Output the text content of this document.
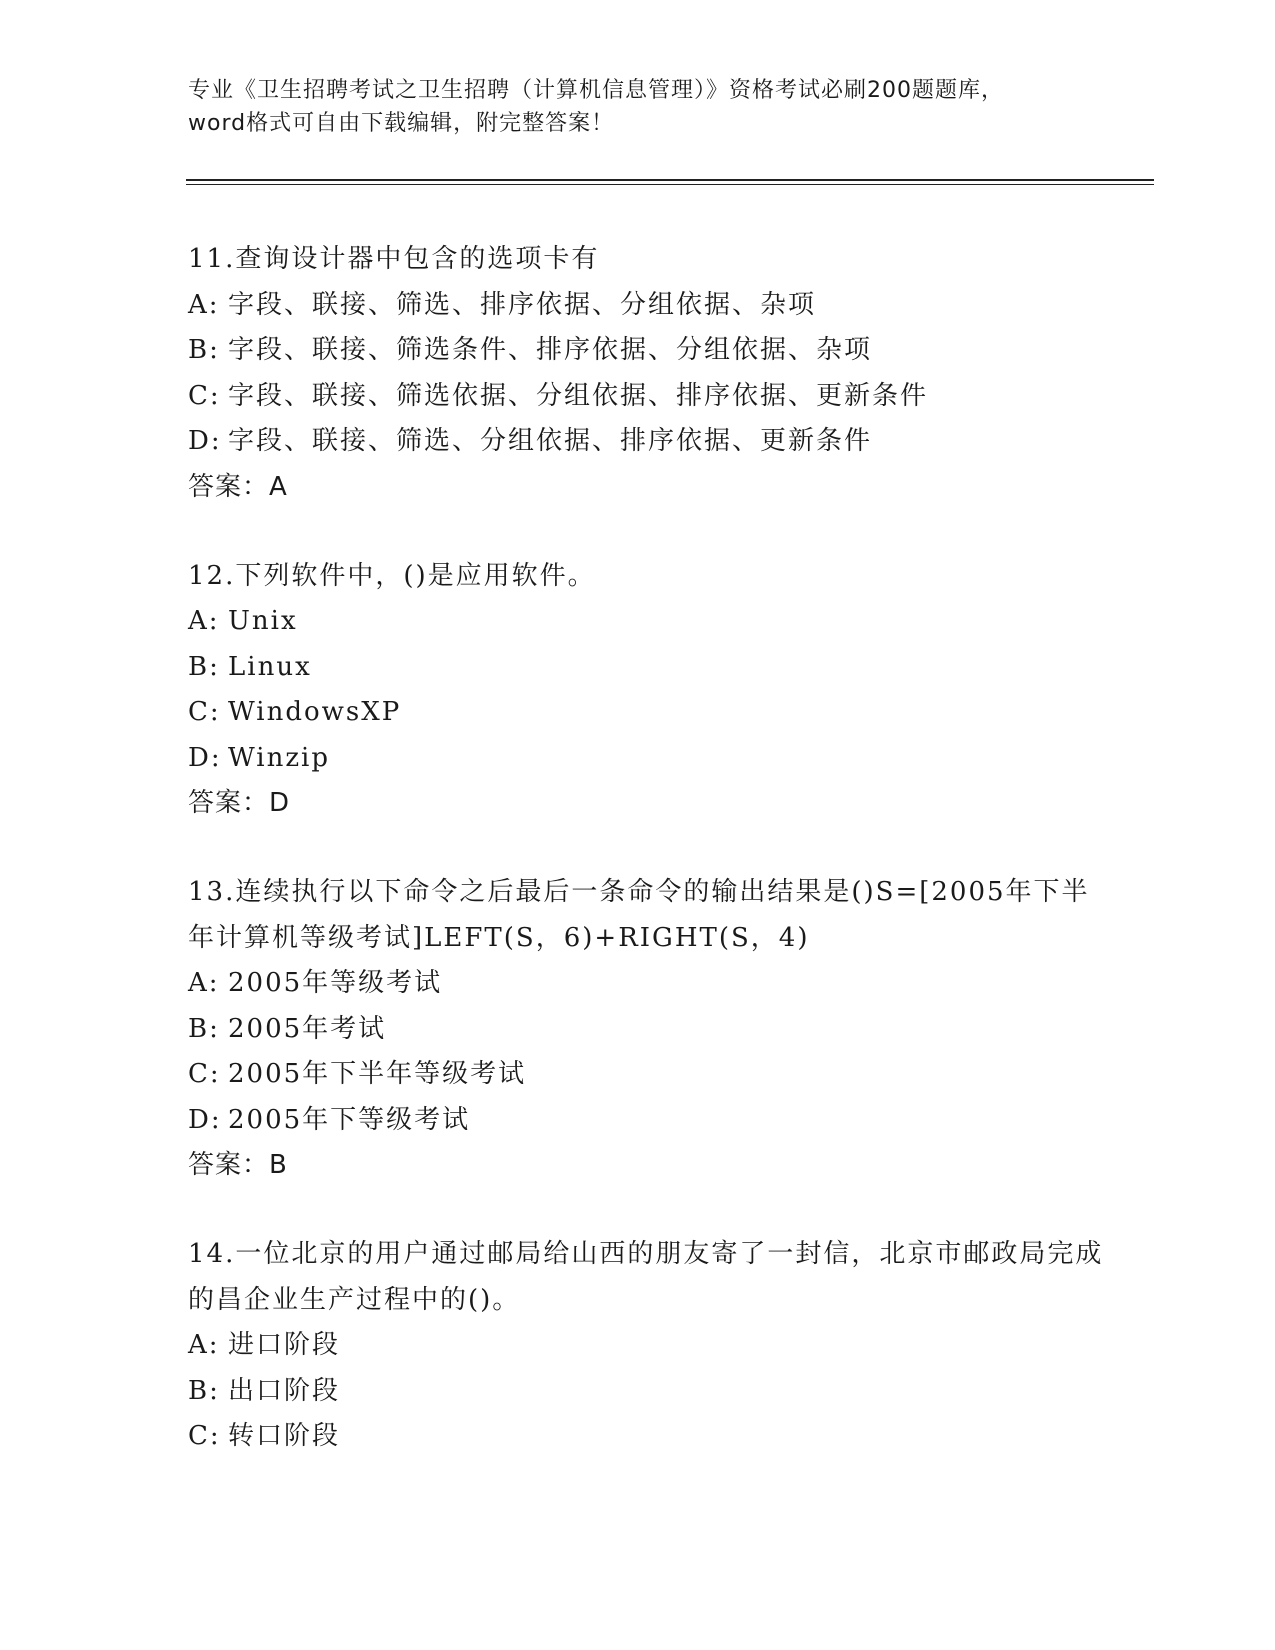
专业《卫生招聘考试之卫生招聘（计算机信息管理）》资格考试必刷200题题库，
word格式可自由下载编辑，附完整答案！

11.查询设计器中包含的选项卡有

A: 字段、联接、筛选、排序依据、分组依据、杂项

B: 字段、联接、筛选条件、排序依据、分组依据、杂项

C: 字段、联接、筛选依据、分组依据、排序依据、更新条件

D: 字段、联接、筛选、分组依据、排序依据、更新条件

答案：A

12.下列软件中，()是应用软件。

A: Unix

B: Linux

C: WindowsXP

D: Winzip

答案：D

13.连续执行以下命令之后最后一条命令的输出结果是()S=[2005年下半年计算机等级考试]LEFT(S，6)+RIGHT(S，4)

A: 2005年等级考试

B: 2005年考试

C: 2005年下半年等级考试

D: 2005年下等级考试

答案：B

14.一位北京的用户通过邮局给山西的朋友寄了一封信，北京市邮政局完成的昌企业生产过程中的()。

A: 进口阶段

B: 出口阶段

C: 转口阶段
